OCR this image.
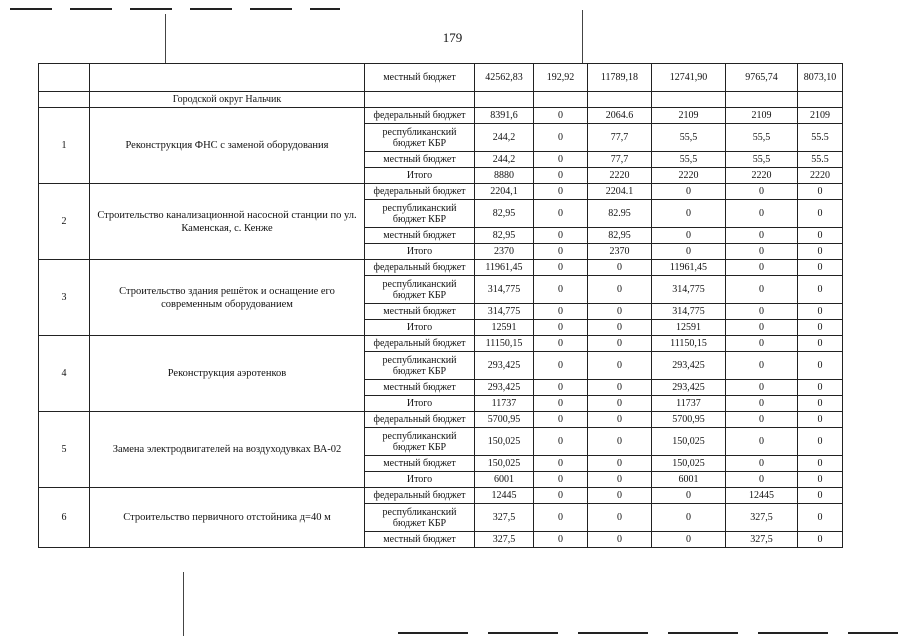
179
		местный бюджет	42562,83	192,92	11789,18	12741,90	9765,74	8073,10
	Городской округ Нальчик							
1	Реконструкция ФНС с заменой оборудования	федеральный бюджет	8391,6	0	2064.6	2109	2109	2109
		республиканский бюджет КБР	244,2	0	77,7	55,5	55,5	55.5
		местный бюджет	244,2	0	77,7	55,5	55,5	55.5
		Итого	8880	0	2220	2220	2220	2220
2	Строительство канализационной насосной станции по ул. Каменская, с. Кенже	федеральный бюджет	2204,1	0	2204.1	0	0	0
		республиканский бюджет КБР	82,95	0	82.95	0	0	0
		местный бюджет	82,95	0	82,95	0	0	0
		Итого	2370	0	2370	0	0	0
3	Строительство здания решёток и оснащение его современным оборудованием	федеральный бюджет	11961,45	0	0	11961,45	0	0
		республиканский бюджет КБР	314,775	0	0	314,775	0	0
		местный бюджет	314,775	0	0	314,775	0	0
		Итого	12591	0	0	12591	0	0
4	Реконструкция аэротенков	федеральный бюджет	11150,15	0	0	11150,15	0	0
		республиканский бюджет КБР	293,425	0	0	293,425	0	0
		местный бюджет	293,425	0	0	293,425	0	0
		Итого	11737	0	0	11737	0	0
5	Замена электродвигателей на воздуходувках ВА-02	федеральный бюджет	5700,95	0	0	5700,95	0	0
		республиканский бюджет КБР	150,025	0	0	150,025	0	0
		местный бюджет	150,025	0	0	150,025	0	0
		Итого	6001	0	0	6001	0	0
6	Строительство первичного отстойника д=40 м	федеральный бюджет	12445	0	0	0	12445	0
		республиканский бюджет КБР	327,5	0	0	0	327,5	0
		местный бюджет	327,5	0	0	0	327,5	0
